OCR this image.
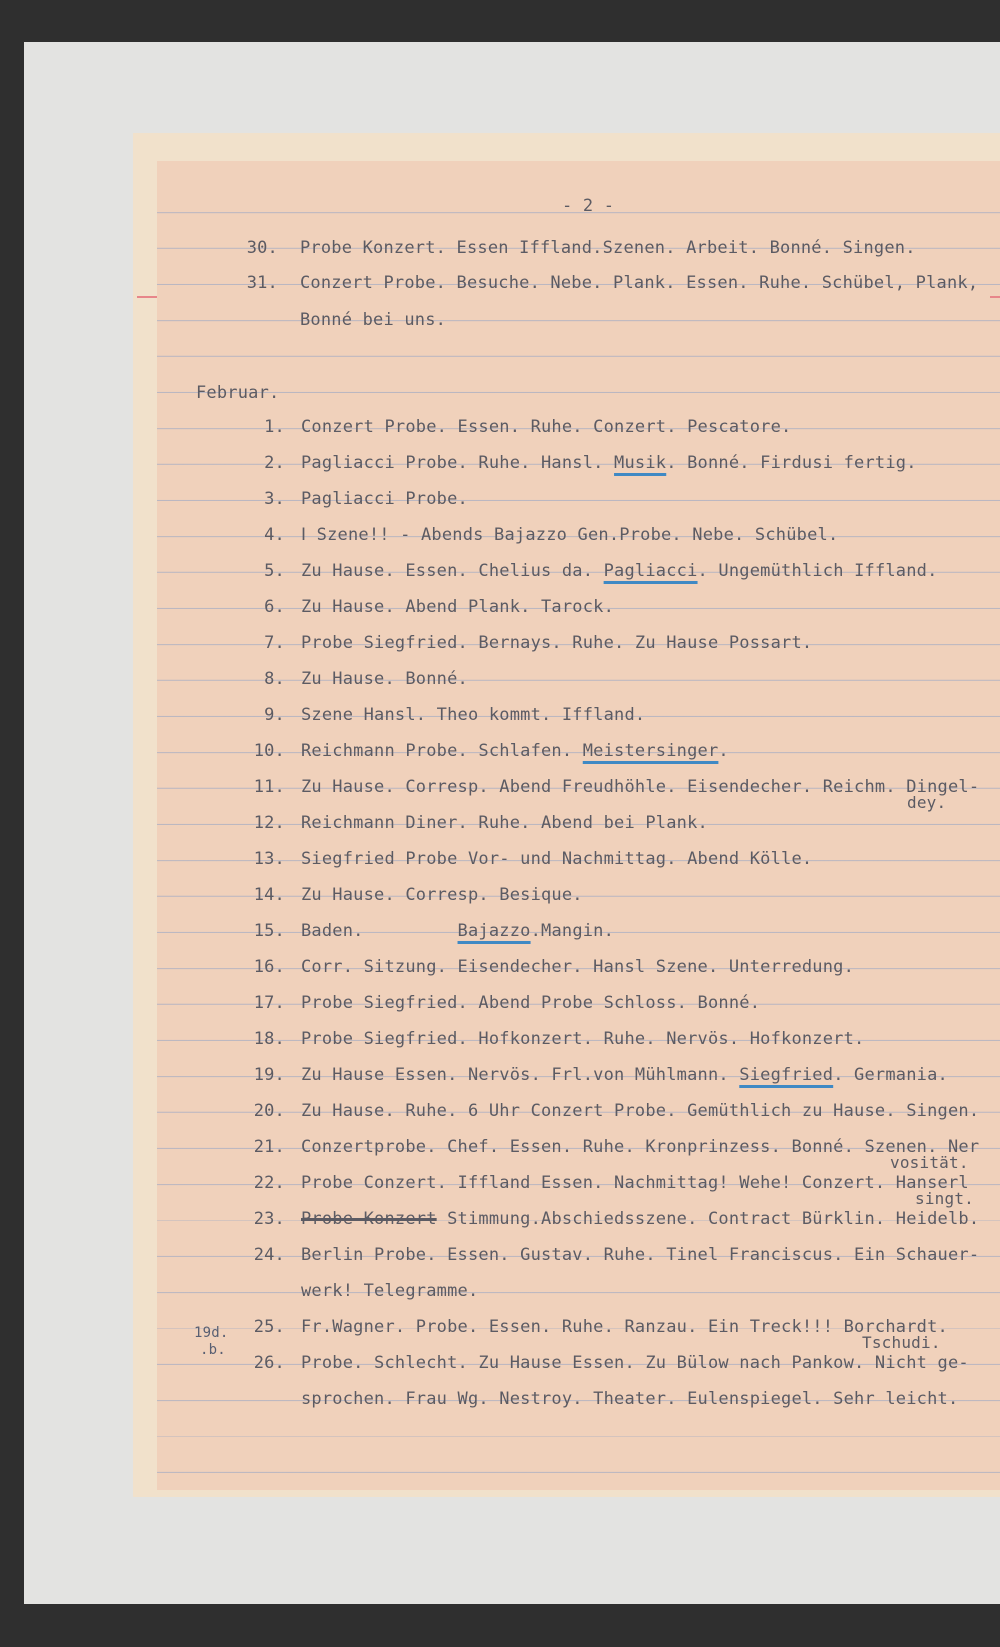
- 2 -
30. Probe Konzert. Essen Iffland.Szenen. Arbeit. Bonné. Singen.
31. Conzert Probe. Besuche. Nebe. Plank. Essen. Ruhe. Schübel, Plank,
Bonné bei uns.
Februar.
1. Conzert Probe. Essen. Ruhe. Conzert. Pescatore.
2. Pagliacci Probe. Ruhe. Hansl. Musik. Bonné. Firdusi fertig.
3. Pagliacci Probe.
4. Ⅰ Szene!! - Abends Bajazzo Gen.Probe. Nebe. Schübel.
5. Zu Hause. Essen. Chelius da. Pagliacci. Ungemüthlich Iffland.
6. Zu Hause. Abend Plank. Tarock.
7. Probe Siegfried. Bernays. Ruhe. Zu Hause Possart.
8. Zu Hause. Bonné.
9. Szene Hansl. Theo kommt. Iffland.
10. Reichmann Probe. Schlafen. Meistersinger.
11. Zu Hause. Corresp. Abend Freudhöhle. Eisendecher. Reichm. Dingel-
dey.
12. Reichmann Diner. Ruhe. Abend bei Plank.
13. Siegfried Probe Vor- und Nachmittag. Abend Kölle.
14. Zu Hause. Corresp. Besique.
15. Baden.         Bajazzo.Mangin.
16. Corr. Sitzung. Eisendecher. Hansl Szene. Unterredung.
17. Probe Siegfried. Abend Probe Schloss. Bonné.
18. Probe Siegfried. Hofkonzert. Ruhe. Nervös. Hofkonzert.
19. Zu Hause Essen. Nervös. Frl.von Mühlmann. Siegfried. Germania.
20. Zu Hause. Ruhe. 6 Uhr Conzert Probe. Gemüthlich zu Hause. Singen.
21. Conzertprobe. Chef. Essen. Ruhe. Kronprinzess. Bonné. Szenen. Ner
vosität.
22. Probe Conzert. Iffland Essen. Nachmittag! Wehe! Conzert. Hanserl
singt.
23. Probe Konzert Stimmung.Abschiedsszene. Contract Bürklin. Heidelb.
24. Berlin Probe. Essen. Gustav. Ruhe. Tinel Franciscus. Ein Schauer-
werk! Telegramme.
25. Fr.Wagner. Probe. Essen. Ruhe. Ranzau. Ein Treck!!! Borchardt.
Tschudi.
26. Probe. Schlecht. Zu Hause Essen. Zu Bülow nach Pankow. Nicht ge-
sprochen. Frau Wg. Nestroy. Theater. Eulenspiegel. Sehr leicht.
19d.
.b.
